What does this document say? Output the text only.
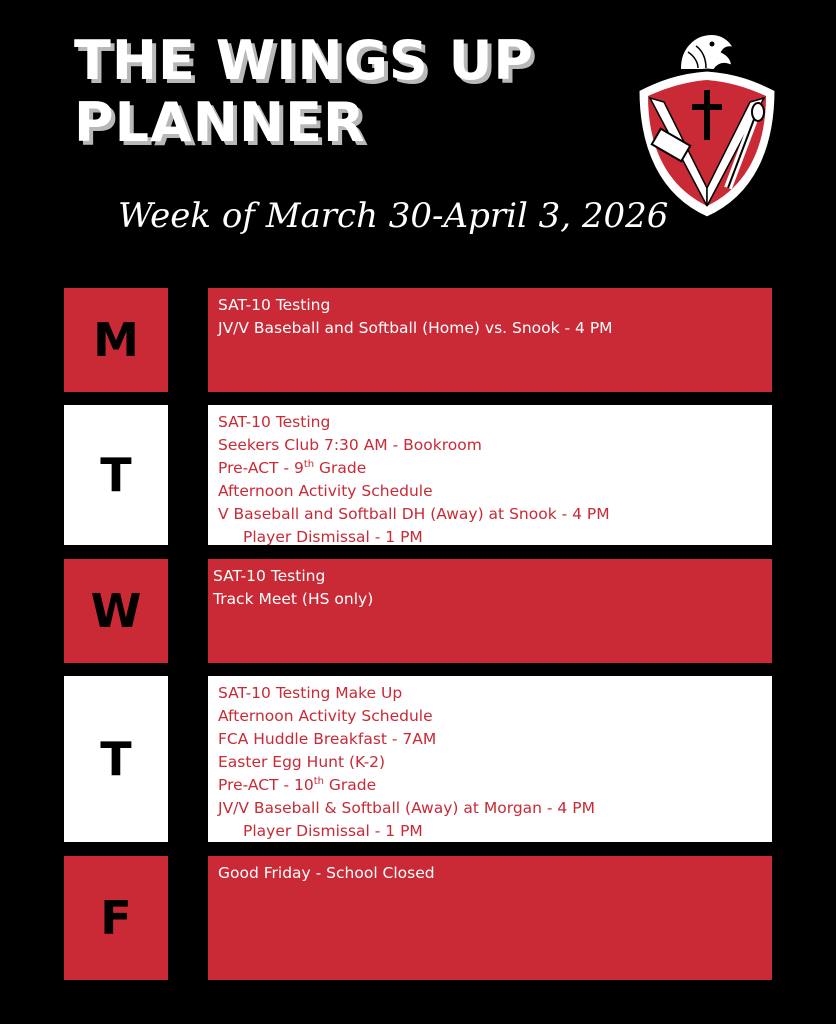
THE WINGS UP
PLANNER
Week of March 30-April 3, 2026
M
SAT-10 Testing
JV/V Baseball and Softball (Home) vs. Snook - 4 PM
T
SAT-10 Testing
Seekers Club 7:30 AM - Bookroom
Pre-ACT - 9th Grade
Afternoon Activity Schedule
V Baseball and Softball DH (Away) at Snook - 4 PM
Player Dismissal - 1 PM
W
SAT-10 Testing
Track Meet (HS only)
T
SAT-10 Testing Make Up
Afternoon Activity Schedule
FCA Huddle Breakfast - 7AM
Easter Egg Hunt (K-2)
Pre-ACT - 10th Grade
JV/V Baseball & Softball (Away) at Morgan - 4 PM
Player Dismissal - 1 PM
F
Good Friday - School Closed
